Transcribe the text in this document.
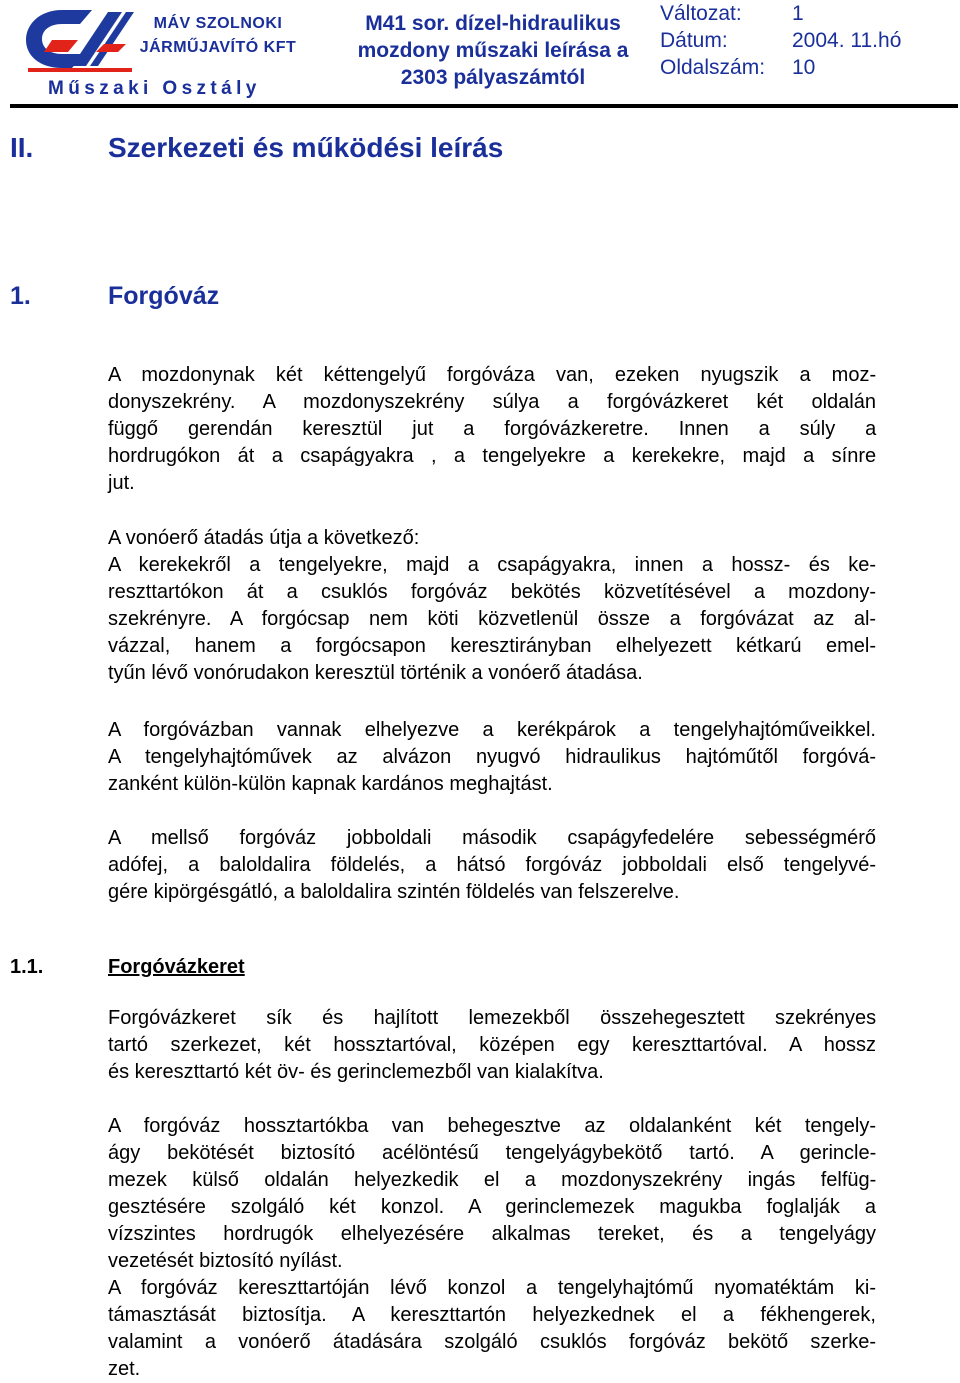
MÁV SZOLNOKI
JÁRMŰJAVÍTÓ KFT
Műszaki Osztály
M41 sor. dízel-hidraulikus
mozdony műszaki leírása a
2303 pályaszámtól
Változat: 1
Dátum:	2004. 11.hó
Oldalszám: 10
II.	Szerkezeti és működési leírás
1.	Forgóváz
A mozdonynak két kéttengelyű forgóváza van, ezeken nyugszik a moz-
donyszekrény. A mozdonyszekrény súlya a forgóvázkeret két oldalán
függő gerendán keresztül jut a forgóvázkeretre. Innen a súly a
hordrugókon át a csapágyakra , a tengelyekre a kerekekre, majd a sínre
jut.
A vonóerő átadás útja a következő:
A kerekekről a tengelyekre, majd a csapágyakra, innen a hossz- és ke-
reszttartókon át a csuklós forgóváz bekötés közvetítésével a mozdony-
szekrényre. A forgócsap nem köti közvetlenül össze a forgóvázat az al-
vázzal, hanem a forgócsapon keresztirányban elhelyezett kétkarú emel-
tyűn lévő vonórudakon keresztül történik a vonóerő átadása.
A forgóvázban vannak elhelyezve a kerékpárok a tengelyhajtóműveikkel.
A tengelyhajtóművek az alvázon nyugvó hidraulikus hajtóműtől forgóvá-
zanként külön-külön kapnak kardános meghajtást.
A mellső forgóváz jobboldali második csapágyfedelére sebességmérő
adófej, a baloldalira földelés, a hátsó forgóváz jobboldali első tengelyvé-
gére kipörgésgátló, a baloldalira szintén földelés van felszerelve.
1.1.	Forgóvázkeret
Forgóvázkeret sík és hajlított lemezekből összehegesztett szekrényes
tartó szerkezet, két hossztartóval, középen egy kereszttartóval. A hossz
és kereszttartó két öv- és gerinclemezből van kialakítva.
A forgóváz hossztartókba van behegesztve az oldalanként két tengely-
ágy bekötését biztosító acélöntésű tengelyágybekötő tartó. A gerincle-
mezek külső oldalán helyezkedik el a mozdonyszekrény ingás felfüg-
gesztésére szolgáló két konzol. A gerinclemezek magukba foglalják a
vízszintes hordrugók elhelyezésére alkalmas tereket, és a tengelyágy
vezetését biztosító nyílást.
A forgóváz kereszttartóján lévő konzol a tengelyhajtómű nyomatéktám ki-
támasztását biztosítja. A kereszttartón helyezkednek el a fékhengerek,
valamint a vonóerő átadására szolgáló csuklós forgóváz bekötő szerke-
zet.
